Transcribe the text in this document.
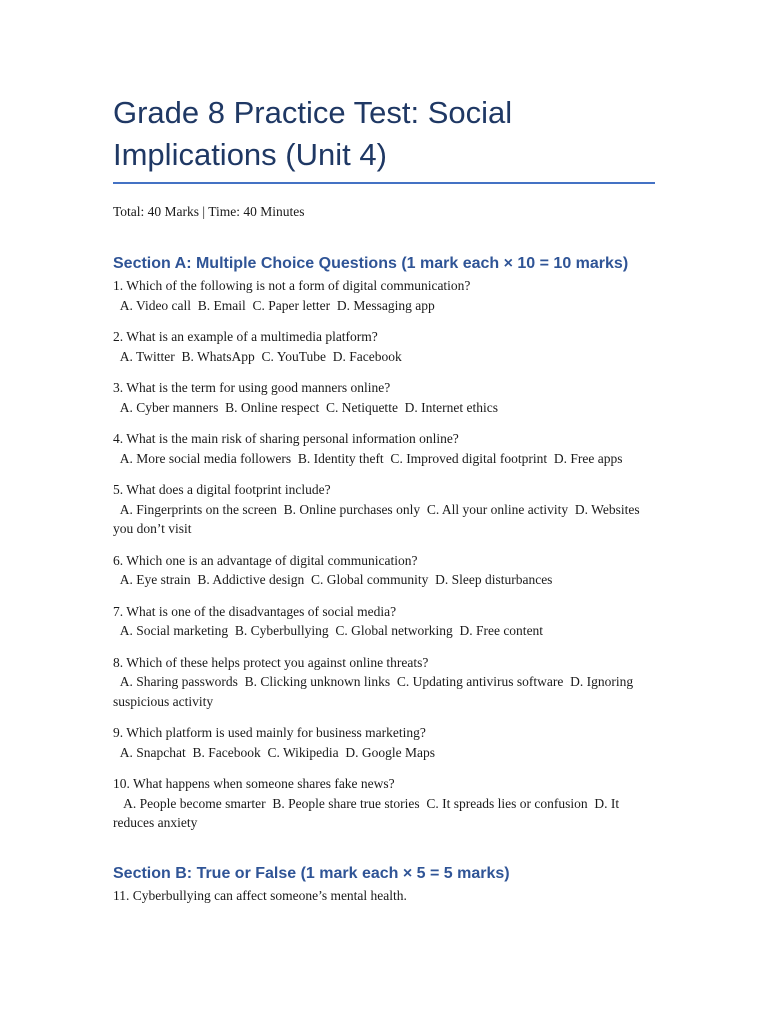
Grade 8 Practice Test: Social Implications (Unit 4)
Total: 40 Marks | Time: 40 Minutes
Section A: Multiple Choice Questions (1 mark each × 10 = 10 marks)
1. Which of the following is not a form of digital communication?
A. Video call  B. Email  C. Paper letter  D. Messaging app
2. What is an example of a multimedia platform?
A. Twitter  B. WhatsApp  C. YouTube  D. Facebook
3. What is the term for using good manners online?
A. Cyber manners  B. Online respect  C. Netiquette  D. Internet ethics
4. What is the main risk of sharing personal information online?
A. More social media followers  B. Identity theft  C. Improved digital footprint  D. Free apps
5. What does a digital footprint include?
A. Fingerprints on the screen  B. Online purchases only  C. All your online activity  D. Websites you don’t visit
6. Which one is an advantage of digital communication?
A. Eye strain  B. Addictive design  C. Global community  D. Sleep disturbances
7. What is one of the disadvantages of social media?
A. Social marketing  B. Cyberbullying  C. Global networking  D. Free content
8. Which of these helps protect you against online threats?
A. Sharing passwords  B. Clicking unknown links  C. Updating antivirus software  D. Ignoring suspicious activity
9. Which platform is used mainly for business marketing?
A. Snapchat  B. Facebook  C. Wikipedia  D. Google Maps
10. What happens when someone shares fake news?
A. People become smarter  B. People share true stories  C. It spreads lies or confusion  D. It reduces anxiety
Section B: True or False (1 mark each × 5 = 5 marks)
11. Cyberbullying can affect someone’s mental health.
